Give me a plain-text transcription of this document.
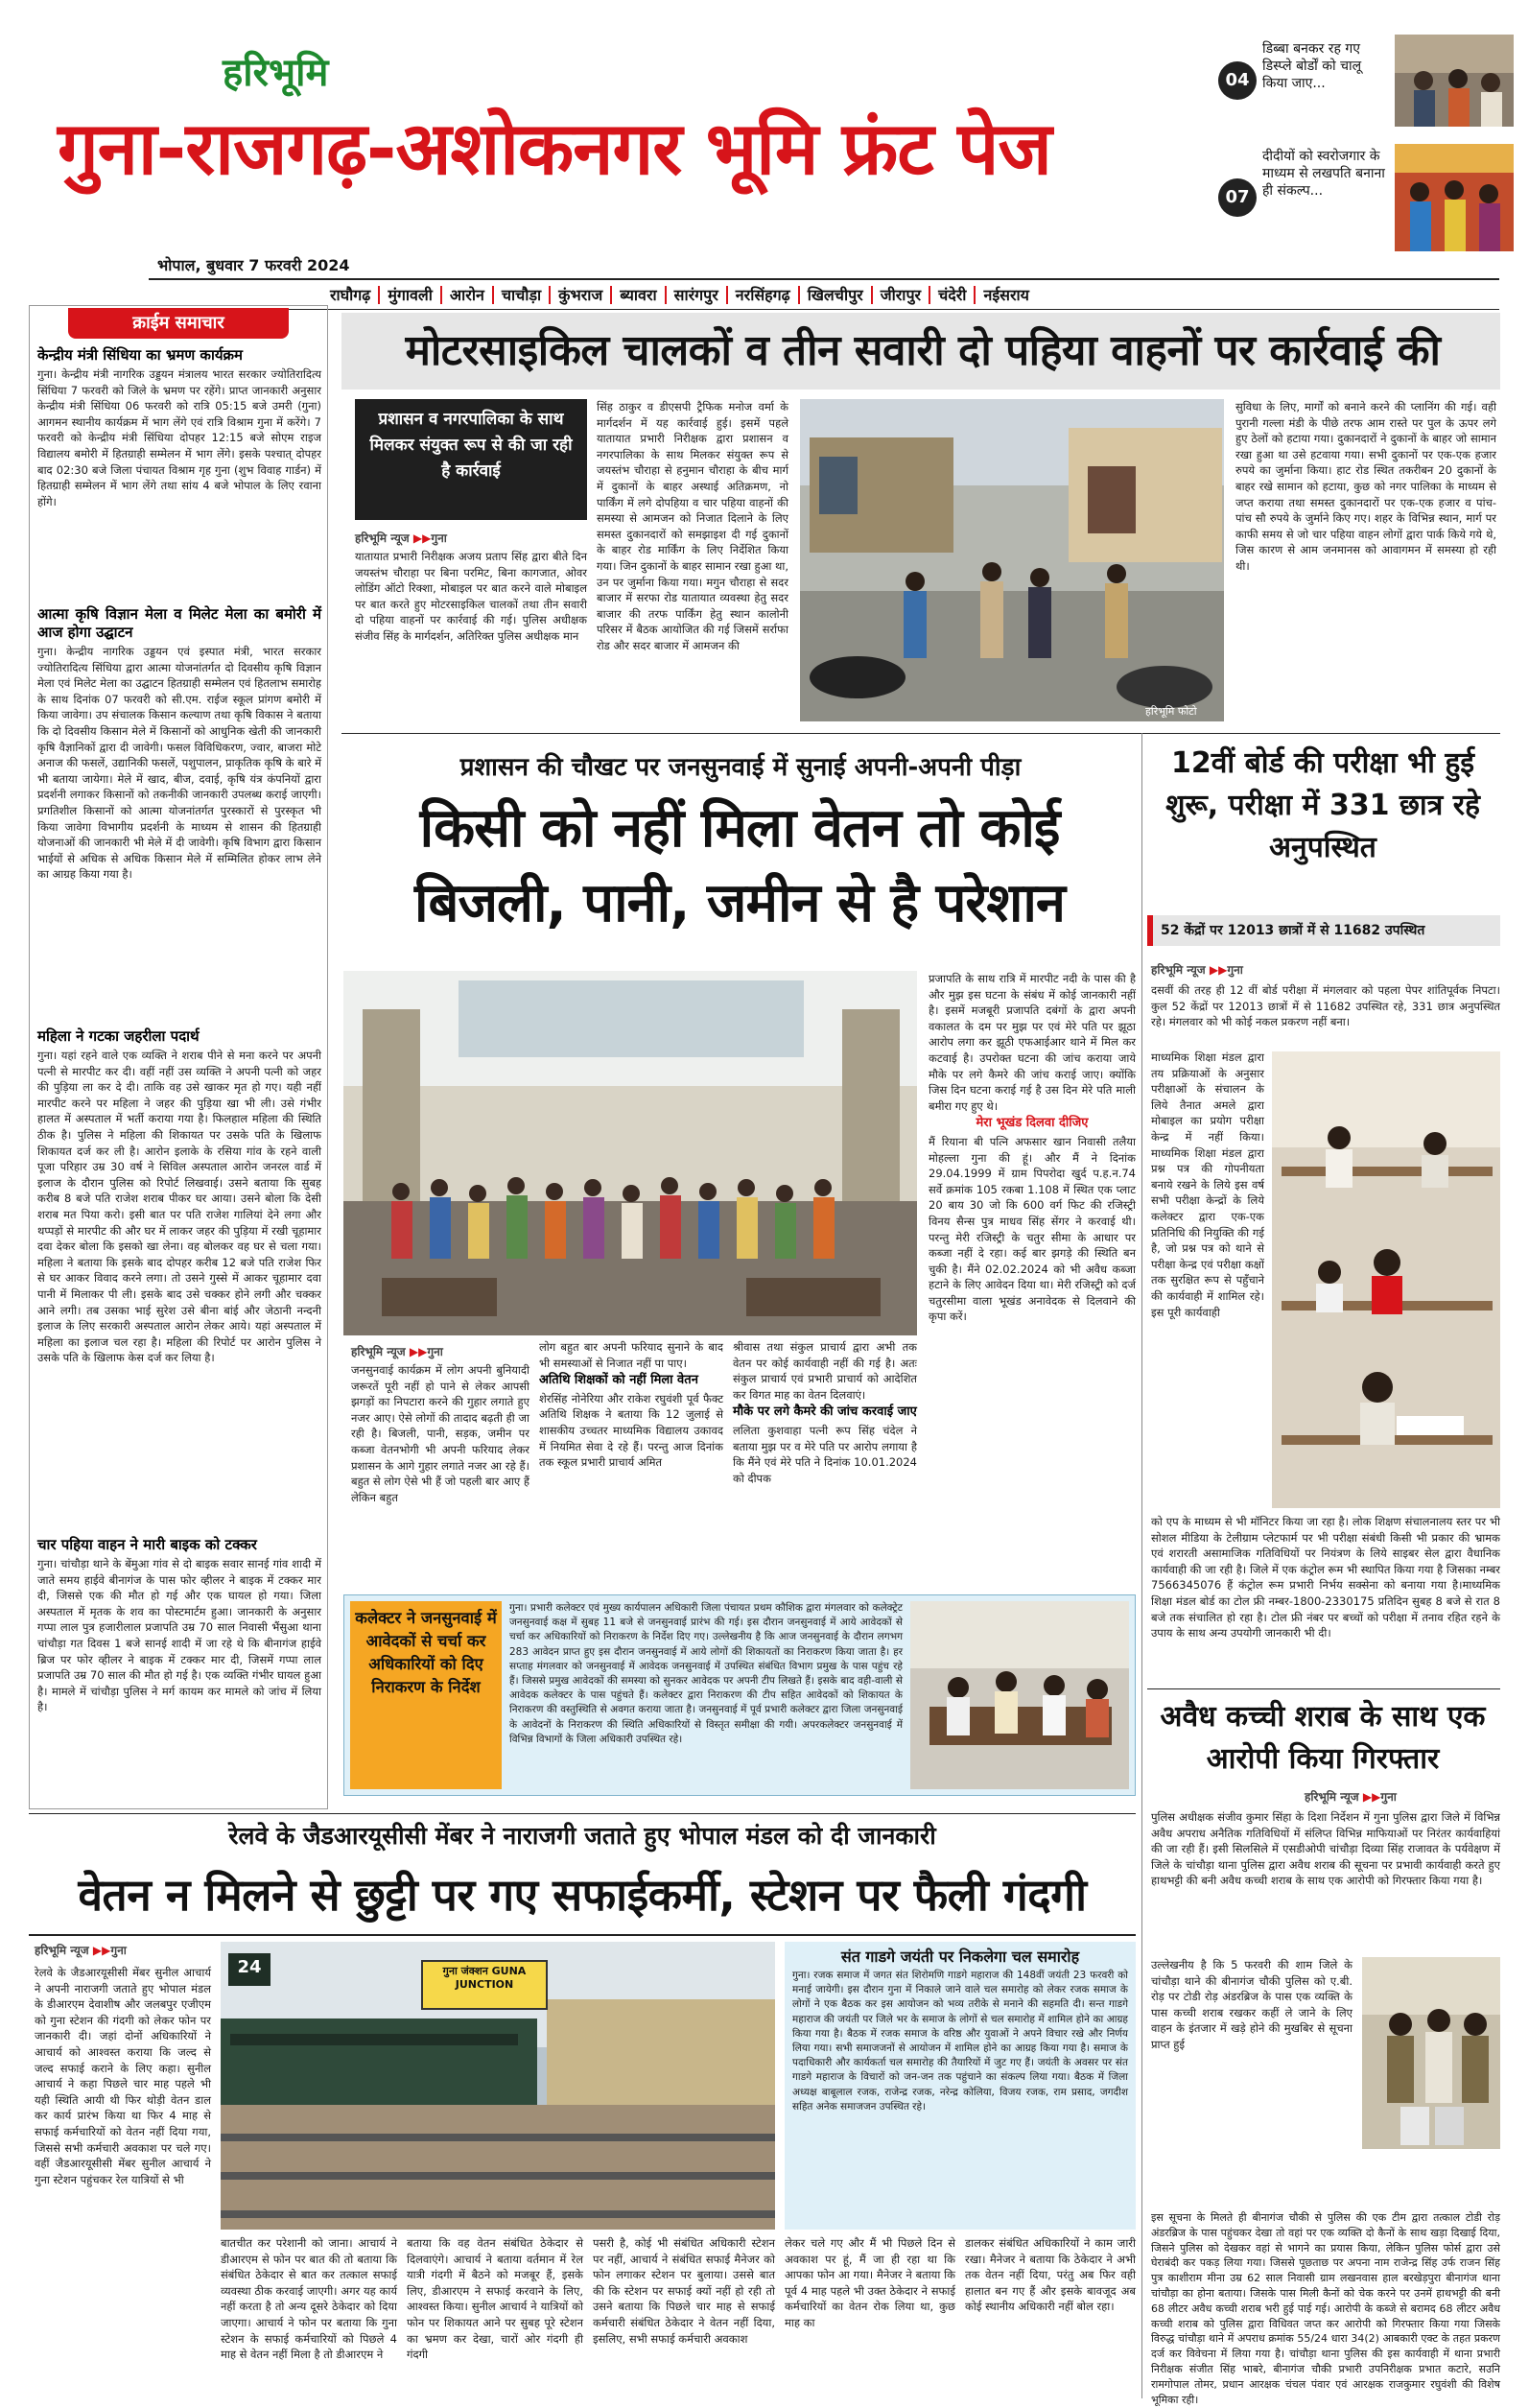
हरिभूमि
गुना-राजगढ़-अशोकनगर भूमि फ्रंट पेज
भोपाल, बुधवार 7 फरवरी 2024
04
डिब्बा बनकर रह गए डिस्प्ले बोर्डों को चालू किया जाए...
07
दीदीयों को स्वरोजगार के माध्यम से लखपति बनाना ही संकल्प...
राघौगढ़ मुंगावली आरोन चाचौड़ा कुंभराज ब्यावरा सारंगपुर नरसिंहगढ़ खिलचीपुर जीरापुर चंदेरी नईसराय
क्राईम समाचार

केन्द्रीय मंत्री सिंधिया का भ्रमण कार्यक्रम

गुना। केन्द्रीय मंत्री नागरिक उड्डयन मंत्रालय भारत सरकार ज्योतिरादित्य सिंधिया 7 फरवरी को जिले के भ्रमण पर रहेंगे। प्राप्त जानकारी अनुसार केन्द्रीय मंत्री सिंधिया 06 फरवरी को रात्रि 05:15 बजे उमरी (गुना) आगमन स्थानीय कार्यक्रम में भाग लेंगे एवं रात्रि विश्राम गुना में करेंगे। 7 फरवरी को केन्द्रीय मंत्री सिंधिया दोपहर 12:15 बजे सोएम राइज विद्यालय बमोरी में हितग्राही सम्मेलन में भाग लेंगे। इसके पश्चात् दोपहर बाद 02:30 बजे जिला पंचायत विश्राम गृह गुना (शुभ विवाह गार्डन) में हितग्राही सम्मेलन में भाग लेंगे तथा सांय 4 बजे भोपाल के लिए रवाना होंगे।

आत्मा कृषि विज्ञान मेला व मिलेट मेला का बमोरी में आज होगा उद्घाटन

गुना। केन्द्रीय नागरिक उड्डयन एवं इस्पात मंत्री, भारत सरकार ज्योतिरादित्य सिंधिया द्वारा आत्मा योजनांतर्गत दो दिवसीय कृषि विज्ञान मेला एवं मिलेट मेला का उद्घाटन हितग्राही सम्मेलन एवं हितलाभ समारोह के साथ दिनांक 07 फरवरी को सी.एम. राईज स्कूल प्रांगण बमोरी में किया जावेगा। उप संचालक किसान कल्याण तथा कृषि विकास ने बताया कि दो दिवसीय किसान मेले में किसानों को आधुनिक खेती की जानकारी कृषि वैज्ञानिकों द्वारा दी जावेगी। फसल विविधिकरण, ज्वार, बाजरा मोटे अनाज की फसलें, उद्यानिकी फसलें, पशुपालन, प्राकृतिक कृषि के बारे में भी बताया जायेगा। मेले में खाद, बीज, दवाई, कृषि यंत्र कंपनियों द्वारा प्रदर्शनी लगाकर किसानों को तकनीकी जानकारी उपलब्ध कराई जाएगी। प्रगतिशील किसानों को आत्मा योजनांतर्गत पुरस्कारों से पुरस्कृत भी किया जावेगा विभागीय प्रदर्शनी के माध्यम से शासन की हितग्राही योजनाओं की जानकारी भी मेले में दी जावेगी। कृषि विभाग द्वारा किसान भाईयों से अधिक से अधिक किसान मेले में सम्मिलित होकर लाभ लेने का आग्रह किया गया है।

महिला ने गटका जहरीला पदार्थ

गुना। यहां रहने वाले एक व्यक्ति ने शराब पीने से मना करने पर अपनी पत्नी से मारपीट कर दी। वहीं नहीं उस व्यक्ति ने अपनी पत्नी को जहर की पुड़िया ला कर दे दी। ताकि वह उसे खाकर मृत हो गए। यही नहीं मारपीट करने पर महिला ने जहर की पुड़िया खा भी ली। उसे गंभीर हालत में अस्पताल में भर्ती कराया गया है। फिलहाल महिला की स्थिति ठीक है। पुलिस ने महिला की शिकायत पर उसके पति के खिलाफ शिकायत दर्ज कर ली है। आरोन इलाके के रसिया गांव के रहने वाली पूजा परिहार उम्र 30 वर्ष ने सिविल अस्पताल आरोन जनरल वार्ड में इलाज के दौरान पुलिस को रिपोर्ट लिखवाई। उसने बताया कि सुबह करीब 8 बजे पति राजेश शराब पीकर घर आया। उसने बोला कि देसी शराब मत पिया करो। इसी बात पर पति राजेश गालियां देने लगा और थप्पड़ों से मारपीट की और घर में लाकर जहर की पुड़िया में रखी चूहामार दवा देकर बोला कि इसको खा लेना। वह बोलकर वह घर से चला गया। महिला ने बताया कि इसके बाद दोपहर करीब 12 बजे पति राजेश फिर से घर आकर विवाद करने लगा। तो उसने गुस्से में आकर चूहामार दवा पानी में मिलाकर पी ली। इसके बाद उसे चक्कर होने लगी और चक्कर आने लगी। तब उसका भाई सुरेश उसे बीना बांई और जेठानी नन्दनी इलाज के लिए सरकारी अस्पताल आरोन लेकर आये। यहां अस्पताल में महिला का इलाज चल रहा है। महिला की रिपोर्ट पर आरोन पुलिस ने उसके पति के खिलाफ केस दर्ज कर लिया है।

चार पहिया वाहन ने मारी बाइक को टक्कर

गुना। चांचौड़ा थाने के बेंमुआ गांव से दो बाइक सवार सानई गांव शादी में जाते समय हाईवे बीनागंज के पास फोर व्हीलर ने बाइक में टक्कर मार दी, जिससे एक की मौत हो गई और एक घायल हो गया। जिला अस्पताल में मृतक के शव का पोस्टमार्टम हुआ। जानकारी के अनुसार गप्पा लाल पुत्र हजारीलाल प्रजापति उम्र 70 साल निवासी भैंसुआ थाना चांचौड़ा गत दिवस 1 बजे सानई शादी में जा रहे थे कि बीनागंज हाईवे ब्रिज पर फोर व्हीलर ने बाइक में टक्कर मार दी, जिसमें गप्पा लाल प्रजापति उम्र 70 साल की मौत हो गई है। एक व्यक्ति गंभीर घायल हुआ है। मामले में चांचौड़ा पुलिस ने मर्ग कायम कर मामले को जांच में लिया है।

मोटरसाइकिल चालकों व तीन सवारी दो पहिया वाहनों पर कार्रवाई की
प्रशासन व नगरपालिका के साथ मिलकर संयुक्त रूप से की जा रही है कार्रवाई
हरिभूमि न्यूज ▶▶गुना
यातायात प्रभारी निरीक्षक अजय प्रताप सिंह द्वारा बीते दिन जयस्तंभ चौराहा पर बिना परमिट, बिना कागजात, ओवर लोडिंग ऑटो रिक्शा, मोबाइल पर बात करने वाले मोबाइल पर बात करते हुए मोटरसाइकिल चालकों तथा तीन सवारी दो पहिया वाहनों पर कार्रवाई की गई। पुलिस अधीक्षक संजीव सिंह के मार्गदर्शन, अतिरिक्त पुलिस अधीक्षक मान
सिंह ठाकुर व डीएसपी ट्रैफिक मनोज वर्मा के मार्गदर्शन में यह कार्रवाई हुई। इसमें पहले यातायात प्रभारी निरीक्षक द्वारा प्रशासन व नगरपालिका के साथ मिलकर संयुक्त रूप से जयस्तंभ चौराहा से हनुमान चौराहा के बीच मार्ग में दुकानों के बाहर अस्थाई अतिक्रमण, नो पार्किंग में लगे दोपहिया व चार पहिया वाहनों की समस्या से आमजन को निजात दिलाने के लिए समस्त दुकानदारों को समझाइश दी गई दुकानों के बाहर रोड मार्किंग के लिए निर्देशित किया गया। जिन दुकानों के बाहर सामान रखा हुआ था, उन पर जुर्माना किया गया। मगुन चौराहा से सदर बाजार में सरफा रोड यातायात व्यवस्था हेतु सदर बाजार की तरफ पार्किंग हेतु स्थान कालोनी परिसर में बैठक आयोजित की गई जिसमें सर्राफा रोड और सदर बाजार में आमजन की
हरिभूमि फोटो
सुविधा के लिए, मार्गों को बनाने करने की प्लानिंग की गई। वही पुरानी गल्ला मंडी के पीछे तरफ आम रास्ते पर पुल के ऊपर लगे हुए ठेलों को हटाया गया। दुकानदारों ने दुकानों के बाहर जो सामान रखा हुआ था उसे हटवाया गया। सभी दुकानों पर एक-एक हजार रुपये का जुर्माना किया। हाट रोड स्थित तकरीबन 20 दुकानों के बाहर रखे सामान को हटाया, कुछ को नगर पालिका के माध्यम से जप्त कराया तथा समस्त दुकानदारों पर एक-एक हजार व पांच-पांच सौ रुपये के जुर्माने किए गए। शहर के विभिन्न स्थान, मार्ग पर काफी समय से जो चार पहिया वाहन लोगों द्वारा पार्क किये गये थे, जिस कारण से आम जनमानस को आवागमन में समस्या हो रही थी।
प्रशासन की चौखट पर जनसुनवाई में सुनाई अपनी-अपनी पीड़ा
किसी को नहीं मिला वेतन तो कोई
बिजली, पानी, जमीन से है परेशान

प्रजापति के साथ रात्रि में मारपीट नदी के पास की है और मुझ इस घटना के संबंध में कोई जानकारी नहीं है। इसमें मजबूरी प्रजापति दबंगों के द्वारा अपनी वकालत के दम पर मुझ पर एवं मेरे पति पर झूठा आरोप लगा कर झूठी एफआईआर थाने में मिल कर कटवाई है। उपरोक्त घटना की जांच कराया जाये मौके पर लगे कैमरे की जांच कराई जाए। क्योंकि जिस दिन घटना कराई गई है उस दिन मेरे पति माली बमीरा गए हुए थे।

मेरा भूखंड दिलवा दीजिए

मैं रियाना बी पत्नि अफसार खान निवासी तलैया मोहल्ला गुना की हूं। और मैं ने दिनांक 29.04.1999 में ग्राम पिपरोदा खुर्द प.ह.न.74 सर्वे क्रमांक 105 रकबा 1.108 में स्थित एक प्लाट 20 बाय 30 जो कि 600 वर्ग फिट की रजिस्ट्री विनय सैन्स पुत्र माधव सिंह सेंगर ने करवाई थी। परन्तु मेरी रजिस्ट्री के चतुर सीमा के आधार पर कब्जा नहीं दे रहा। कई बार झगड़े की स्थिति बन चुकी है। मैंने 02.02.2024 को भी अवैध कब्जा हटाने के लिए आवेदन दिया था। मेरी रजिस्ट्री को दर्ज चतुरसीमा वाला भूखंड अनावेदक से दिलवाने की कृपा करें।

हरिभूमि न्यूज ▶▶गुना
जनसुनवाई कार्यक्रम में लोग अपनी बुनियादी जरूरतें पूरी नहीं हो पाने से लेकर आपसी झगड़ों का निपटारा करने की गुहार लगाते हुए नजर आए। ऐसे लोगों की तादाद बढ़ती ही जा रही है। बिजली, पानी, सड़क, जमीन पर कब्जा वेतनभोगी भी अपनी फरियाद लेकर प्रशासन के आगे गुहार लगाते नजर आ रहे हैं। बहुत से लोग ऐसे भी हैं जो पहली बार आए हैं लेकिन बहुत

लोग बहुत बार अपनी फरियाद सुनाने के बाद भी समस्याओं से निजात नहीं पा पाए।

अतिथि शिक्षकों को नहीं मिला वेतन

शेरसिंह नोनेरिया और राकेश रघुवंशी पूर्व फैक्ट अतिथि शिक्षक ने बताया कि 12 जुलाई से शासकीय उच्चतर माध्यमिक विद्यालय उकावद में नियमित सेवा दे रहे हैं। परन्तु आज दिनांक तक स्कूल प्रभारी प्राचार्य अमित

श्रीवास तथा संकुल प्राचार्य द्वारा अभी तक वेतन पर कोई कार्यवाही नहीं की गई है। अतः संकुल प्राचार्य एवं प्रभारी प्राचार्य को आदेशित कर विगत माह का वेतन दिलवाएं।

मौके पर लगे कैमरे की जांच करवाई जाए

ललिता कुशवाहा पत्नी रूप सिंह चंदेल ने बताया मुझ पर व मेरे पति पर आरोप लगाया है कि मैंने एवं मेरे पति ने दिनांक 10.01.2024 को दीपक

कलेक्टर ने जनसुनवाई में आवेदकों से चर्चा कर अधिकारियों को दिए निराकरण के निर्देश
गुना। प्रभारी कलेक्टर एवं मुख्य कार्यपालन अधिकारी जिला पंचायत प्रथम कौशिक द्वारा मंगलवार को कलेक्ट्रेट जनसुनवाई कक्ष में सुबह 11 बजे से जनसुनवाई प्रारंभ की गई। इस दौरान जनसुनवाई में आये आवेदकों से चर्चा कर अधिकारियों को निराकरण के निर्देश दिए गए। उल्लेखनीय है कि आज जनसुनवाई के दौरान लगभग 283 आवेदन प्राप्त हुए इस दौरान जनसुनवाई में आये लोगों की शिकायतों का निराकरण किया जाता है। हर सप्ताह मंगलवार को जनसुनवाई में आवेदक जनसुनवाई में उपस्थित संबंधित विभाग प्रमुख के पास पहुंच रहे हैं। जिससे प्रमुख आवेदकों की समस्या को सुनकर आवेदक पर अपनी टीप लिखते हैं। इसके बाद वही-वाली से आवेदक कलेक्टर के पास पहुंचते हैं। कलेक्टर द्वारा निराकरण की टीप सहित आवेदकों को शिकायत के निराकरण की वस्तुस्थिति से अवगत कराया जाता है। जनसुनवाई में पूर्व प्रभारी कलेक्टर द्वारा जिला जनसुनवाई के आवेदनों के निराकरण की स्थिति अधिकारियों से विस्तृत समीक्षा की गयी। अपरकलेक्टर जनसुनवाई में विभिन्न विभागों के जिला अधिकारी उपस्थित रहे।
12वीं बोर्ड की परीक्षा भी हुई शुरू, परीक्षा में 331 छात्र रहे अनुपस्थित
52 केंद्रों पर 12013 छात्रों में से 11682 उपस्थित
हरिभूमि न्यूज ▶▶गुना
दसवीं की तरह ही 12 वीं बोर्ड परीक्षा में मंगलवार को पहला पेपर शांतिपूर्वक निपटा। कुल 52 केंद्रों पर 12013 छात्रों में से 11682 उपस्थित रहे, 331 छात्र अनुपस्थित रहे। मंगलवार को भी कोई नकल प्रकरण नहीं बना।
माध्यमिक शिक्षा मंडल द्वारा तय प्रक्रियाओं के अनुसार परीक्षाओं के संचालन के लिये तैनात अमले द्वारा मोबाइल का प्रयोग परीक्षा केन्द्र में नहीं किया। माध्यमिक शिक्षा मंडल द्वारा प्रश्न पत्र की गोपनीयता बनाये रखने के लिये इस वर्ष सभी परीक्षा केन्द्रों के लिये कलेक्टर द्वारा एक-एक प्रतिनिधि की नियुक्ति की गई है, जो प्रश्न पत्र को थाने से परीक्षा केन्द्र एवं परीक्षा कक्षों तक सुरक्षित रूप से पहुँचाने की कार्यवाही में शामिल रहे। इस पूरी कार्यवाही
को एप के माध्यम से भी मॉनिटर किया जा रहा है। लोक शिक्षण संचालनालय स्तर पर भी सोशल मीडिया के टेलीग्राम प्लेटफार्म पर भी परीक्षा संबंधी किसी भी प्रकार की भ्रामक एवं शरारती असामाजिक गतिविधियों पर नियंत्रण के लिये साइबर सेल द्वारा वैधानिक कार्यवाही की जा रही है। जिले में एक कंट्रोल रूम भी स्थापित किया गया है जिसका नम्बर 7566345076 हैं कंट्रोल रूम प्रभारी निर्भय सक्सेना को बनाया गया है।माध्यमिक शिक्षा मंडल बोर्ड का टोल फ्री नम्बर-1800-2330175 प्रतिदिन सुबह 8 बजे से रात 8 बजे तक संचालित हो रहा है। टोल फ्री नंबर पर बच्चों को परीक्षा में तनाव रहित रहने के उपाय के साथ अन्य उपयोगी जानकारी भी दी।
अवैध कच्ची शराब के साथ एक आरोपी किया गिरफ्तार
हरिभूमि न्यूज ▶▶गुना
पुलिस अधीक्षक संजीव कुमार सिंहा के दिशा निर्देशन में गुना पुलिस द्वारा जिले में विभिन्न अवैध अपराध अनैतिक गतिविधियों में संलिप्त विभिन्न माफियाओं पर निरंतर कार्यवाहियां की जा रही हैं। इसी सिलसिले में एसडीओपी चांचौड़ा दिव्या सिंह राजावत के पर्यवेक्षण में जिले के चांचौड़ा थाना पुलिस द्वारा अवैध शराब की सूचना पर प्रभावी कार्यवाही करते हुए हाथभट्टी की बनी अवैध कच्ची शराब के साथ एक आरोपी को गिरफ्तार किया गया है।
उल्लेखनीय है कि 5 फरवरी की शाम जिले के चांचौड़ा थाने की बीनागंज चौकी पुलिस को ए.बी. रोड़ पर टोडी रोड़ अंडरब्रिज के पास एक व्यक्ति के पास कच्ची शराब रखकर कहीं ले जाने के लिए वाहन के इंतजार में खड़े होने की मुखबिर से सूचना प्राप्त हुई
इस सूचना के मिलते ही बीनागंज चौकी से पुलिस की एक टीम द्वारा तत्काल टोडी रोड़ अंडरब्रिज के पास पहुंचकर देखा तो वहां पर एक व्यक्ति दो कैनों के साथ खड़ा दिखाई दिया, जिसने पुलिस को देखकर वहां से भागने का प्रयास किया, लेकिन पुलिस फोर्स द्वारा उसे घेराबंदी कर पकड़ लिया गया। जिससे पूछताछ पर अपना नाम राजेन्द्र सिंह उर्फ राजन सिंह पुत्र काशीराम मीना उम्र 62 साल निवासी ग्राम लखनवास हाल बरखेड़पुरा बीनागंज थाना चांचौड़ा का होना बताया। जिसके पास मिली कैनों को चेक करने पर उनमें हाथभट्टी की बनी 68 लीटर अवैध कच्ची शराब भरी हुई पाई गई। आरोपी के कब्जे से बरामद 68 लीटर अवैध कच्ची शराब को पुलिस द्वारा विधिवत जप्त कर आरोपी को गिरफ्तार किया गया जिसके विरुद्ध चांचौड़ा थाने में अपराध क्रमांक 55/24 धारा 34(2) आबकारी एक्ट के तहत प्रकरण दर्ज कर विवेचना में लिया गया है। चांचौड़ा थाना पुलिस की इस कार्यवाही में थाना प्रभारी निरीक्षक संजीत सिंह भाबरे, बीनागंज चौकी प्रभारी उपनिरीक्षक प्रभात कटारे, सउनि रामगोपाल तोमर, प्रधान आरक्षक चंचल पंवार एवं आरक्षक राजकुमार रघुवंशी की विशेष भूमिका रही।
रेलवे के जैडआरयूसीसी मेंबर ने नाराजगी जताते हुए भोपाल मंडल को दी जानकारी
वेतन न मिलने से छुट्टी पर गए सफाईकर्मी, स्टेशन पर फैली गंदगी
हरिभूमि न्यूज ▶▶गुना
रेलवे के जैडआरयूसीसी मेंबर सुनील आचार्य ने अपनी नाराजगी जताते हुए भोपाल मंडल के डीआरएम देवाशीष और जलबपुर एजीएम को गुना स्टेशन की गंदगी को लेकर फोन पर जानकारी दी। जहां दोनों अधिकारियों ने आचार्य को आश्वस्त कराया कि जल्द से जल्द सफाई कराने के लिए कहा। सुनील आचार्य ने कहा पिछले चार माह पहले भी यही स्थिति आयी थी फिर थोड़ी वेतन डाल कर कार्य प्रारंभ किया था फिर 4 माह से सफाई कर्मचारियों को वेतन नहीं दिया गया, जिससे सभी कर्मचारी अवकाश पर चले गए। वहीं जैडआरयूसीसी मेंबर सुनील आचार्य ने गुना स्टेशन पहुंचकर रेल यात्रियों से भी
गुना जंक्शन GUNA JUNCTION
24
बातचीत कर परेशानी को जाना। आचार्य ने डीआरएम से फोन पर बात की तो बताया कि संबंधित ठेकेदार से बात कर तत्काल सफाई व्यवस्था ठीक करवाई जाएगी। अगर यह कार्य नहीं करता है तो अन्य दूसरे ठेकेदार को दिया जाएगा। आचार्य ने फोन पर बताया कि गुना स्टेशन के सफाई कर्मचारियों को पिछले 4 माह से वेतन नहीं मिला है तो डीआरएम ने
बताया कि वह वेतन संबंधित ठेकेदार से दिलवाएंगे। आचार्य ने बताया वर्तमान में रेल यात्री गंदगी में बैठने को मजबूर हैं, इसके लिए, डीआरएम ने सफाई करवाने के लिए, आश्वस्त किया। सुनील आचार्य ने यात्रियों को फोन पर शिकायत आने पर सुबह पूरे स्टेशन का भ्रमण कर देखा, चारों ओर गंदगी ही गंदगी
पसरी है, कोई भी संबंधित अधिकारी स्टेशन पर नहीं, आचार्य ने संबंधित सफाई मैनेजर को फोन लगाकर स्टेशन पर बुलाया। उससे बात की कि स्टेशन पर सफाई क्यों नहीं हो रही तो उसने बताया कि पिछले चार माह से सफाई कर्मचारी संबंधित ठेकेदार ने वेतन नहीं दिया, इसलिए, सभी सफाई कर्मचारी अवकाश
संत गाडगे जयंती पर निकलेगा चल समारोह
गुना। रजक समाज में जगत संत शिरोमणि गाडगे महाराज की 148वीं जयंती 23 फरवरी को मनाई जायेगी। इस दौरान गुना में निकाले जाने वाले चल समारोह को लेकर रजक समाज के लोगों ने एक बैठक कर इस आयोजन को भव्य तरीके से मनाने की सहमति दी। सन्त गाडगे महाराज की जयंती पर जिले भर के समाज के लोगों से चल समारोह में शामिल होने का आग्रह किया गया है। बैठक में रजक समाज के वरिष्ठ और युवाओं ने अपने विचार रखे और निर्णय लिया गया। सभी समाजजनों से आयोजन में शामिल होने का आग्रह किया गया है। समाज के पदाधिकारी और कार्यकर्ता चल समारोह की तैयारियों में जुट गए हैं। जयंती के अवसर पर संत गाडगे महाराज के विचारों को जन-जन तक पहुंचाने का संकल्प लिया गया। बैठक में जिला अध्यक्ष बाबूलाल रजक, राजेन्द्र रजक, नरेन्द्र कोलिया, विजय रजक, राम प्रसाद, जगदीश सहित अनेक समाजजन उपस्थित रहे।
लेकर चले गए और मैं भी पिछले दिन से अवकाश पर हूं, मैं जा ही रहा था कि आपका फोन आ गया। मैनेजर ने बताया कि पूर्व 4 माह पहले भी उक्त ठेकेदार ने सफाई कर्मचारियों का वेतन रोक लिया था, कुछ माह का
डालकर संबंधित अधिकारियों ने काम जारी रखा। मैनेजर ने बताया कि ठेकेदार ने अभी तक वेतन नहीं दिया, परंतु अब फिर वही हालात बन गए हैं और इसके बावजूद अब कोई स्थानीय अधिकारी नहीं बोल रहा।
